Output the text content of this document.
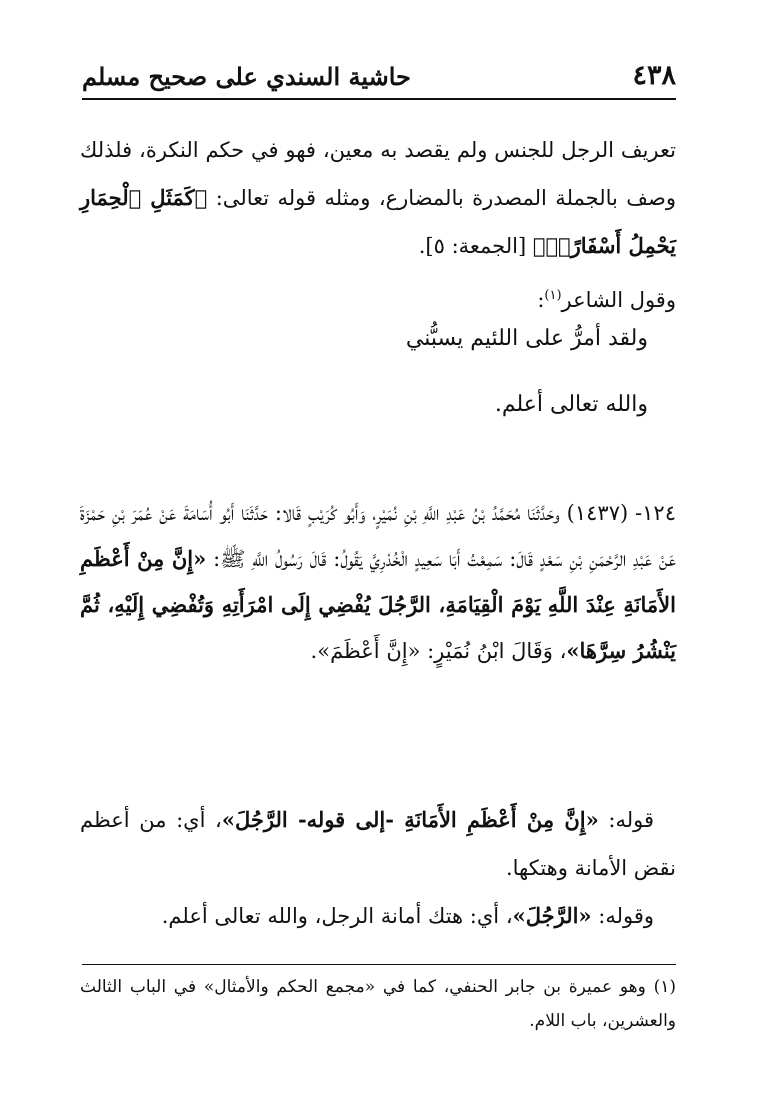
٤٣٨
حاشية السندي على صحيح مسلم

تعريف الرجل للجنس ولم يقصد به معين، فهو في حكم النكرة، فلذلك وصف بالجملة المصدرة بالمضارع، ومثله قوله تعالى: ﴿كَمَثَلِ ٱلْحِمَارِ يَحْمِلُ أَسْفَارًاۢ﴾ [الجمعة: ٥].

وقول الشاعر$^{(١)}$:

ولقد أمرُّ على اللئيم يسبُّني
والله تعالى أعلم.

١٢٤- (١٤٣٧) وحَدَّثَنَا مُحَمَّدُ بْنُ عَبْدِ اللَّهِ بْنِ نُمَيْرٍ، وَأَبُو كُرَيْبٍ قَالا: حَدَّثَنَا أَبُو أُسَامَةَ عَنْ عُمَرَ بْنِ حَمْزَةَ عَنْ عَبْدِ الرَّحْمَنِ بْنِ سَعْدٍ قَالَ: سَمِعْتُ أَبَا سَعِيدٍ الْخُدْرِيَّ يَقُولُ: قَالَ رَسُولُ اللَّهِ ﷺ: «إِنَّ مِنْ أَعْظَمِ الأَمَانَةِ عِنْدَ اللَّهِ يَوْمَ الْقِيَامَةِ، الرَّجُلَ يُفْضِي إِلَى امْرَأَتِهِ وَتُفْضِي إِلَيْهِ، ثُمَّ يَنْشُرُ سِرَّهَا»، وَقَالَ ابْنُ نُمَيْرٍ: «إِنَّ أَعْظَمَ».

قوله: «إِنَّ مِنْ أَعْظَمِ الأَمَانَةِ -إلى قوله- الرَّجُلَ»، أي: من أعظم نقض الأمانة وهتكها.

وقوله: «الرَّجُلَ»، أي: هتك أمانة الرجل، والله تعالى أعلم.

(١) وهو عميرة بن جابر الحنفي، كما في «مجمع الحكم والأمثال» في الباب الثالث والعشرين، باب اللام.
